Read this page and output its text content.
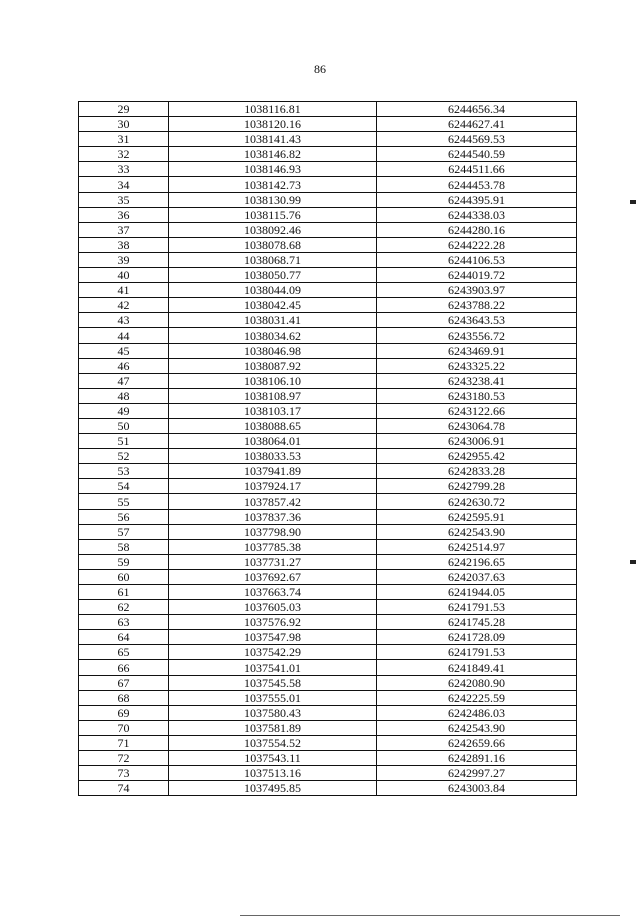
86
29	1038116.81	6244656.34
30	1038120.16	6244627.41
31	1038141.43	6244569.53
32	1038146.82	6244540.59
33	1038146.93	6244511.66
34	1038142.73	6244453.78
35	1038130.99	6244395.91
36	1038115.76	6244338.03
37	1038092.46	6244280.16
38	1038078.68	6244222.28
39	1038068.71	6244106.53
40	1038050.77	6244019.72
41	1038044.09	6243903.97
42	1038042.45	6243788.22
43	1038031.41	6243643.53
44	1038034.62	6243556.72
45	1038046.98	6243469.91
46	1038087.92	6243325.22
47	1038106.10	6243238.41
48	1038108.97	6243180.53
49	1038103.17	6243122.66
50	1038088.65	6243064.78
51	1038064.01	6243006.91
52	1038033.53	6242955.42
53	1037941.89	6242833.28
54	1037924.17	6242799.28
55	1037857.42	6242630.72
56	1037837.36	6242595.91
57	1037798.90	6242543.90
58	1037785.38	6242514.97
59	1037731.27	6242196.65
60	1037692.67	6242037.63
61	1037663.74	6241944.05
62	1037605.03	6241791.53
63	1037576.92	6241745.28
64	1037547.98	6241728.09
65	1037542.29	6241791.53
66	1037541.01	6241849.41
67	1037545.58	6242080.90
68	1037555.01	6242225.59
69	1037580.43	6242486.03
70	1037581.89	6242543.90
71	1037554.52	6242659.66
72	1037543.11	6242891.16
73	1037513.16	6242997.27
74	1037495.85	6243003.84
